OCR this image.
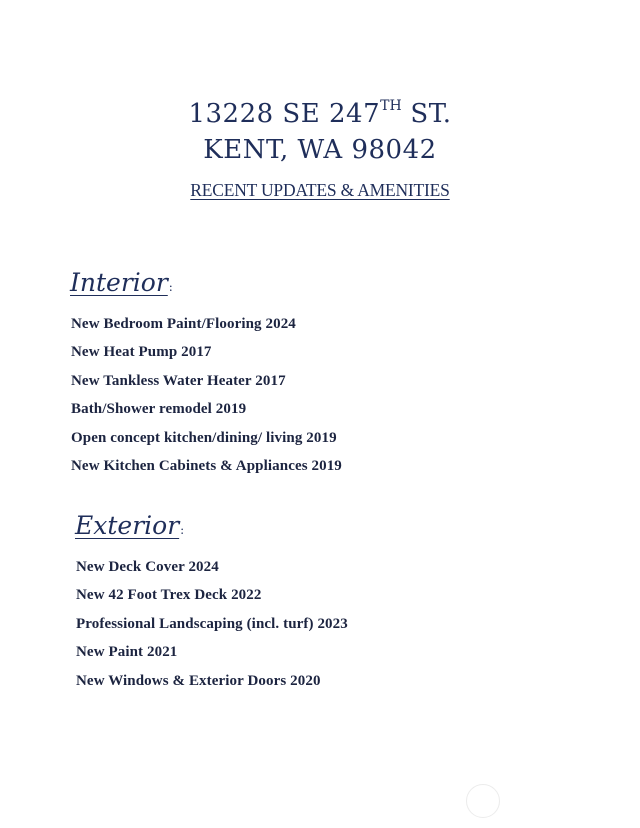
13228 SE 247TH ST.
KENT, WA 98042
RECENT UPDATES & AMENITIES
Interior:
New Bedroom Paint/Flooring 2024
New Heat Pump 2017
New Tankless Water Heater 2017
Bath/Shower remodel 2019
Open concept kitchen/dining/ living 2019
New Kitchen Cabinets & Appliances 2019
Exterior:
New Deck Cover 2024
New 42 Foot Trex Deck 2022
Professional Landscaping (incl. turf) 2023
New Paint 2021
New Windows & Exterior Doors 2020
